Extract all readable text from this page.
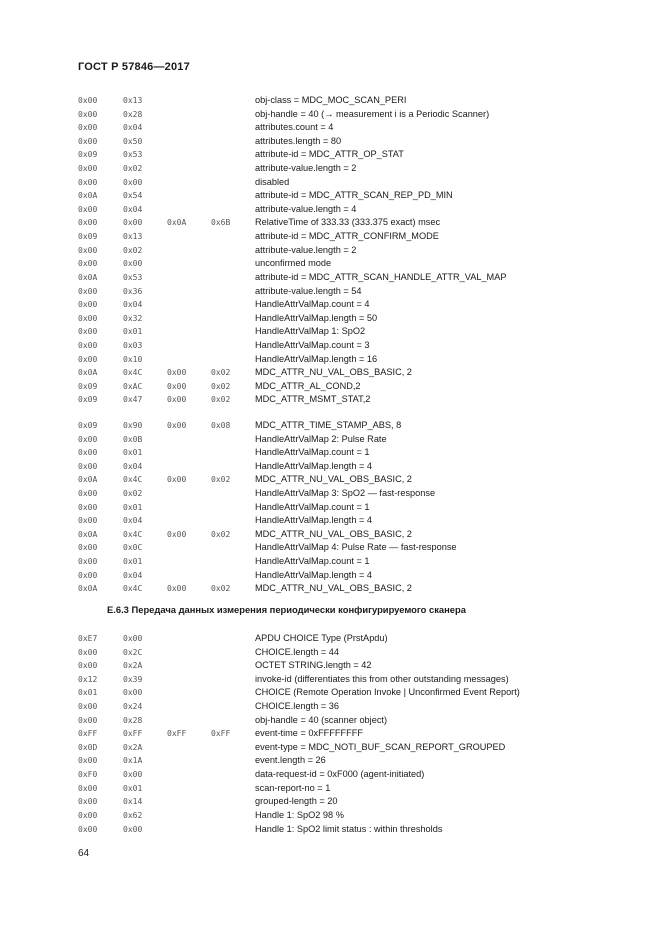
ГОСТ Р 57846—2017
0x00	0x13	obj-class = MDC_MOC_SCAN_PERI
0x00	0x28	obj-handle = 40 (→ measurement i is a Periodic Scanner)
0x00	0x04	attributes.count = 4
0x00	0x50	attributes.length = 80
0x09	0x53	attribute-id = MDC_ATTR_OP_STAT
0x00	0x02	attribute-value.length = 2
0x00	0x00	disabled
0x0A	0x54	attribute-id = MDC_ATTR_SCAN_REP_PD_MIN
0x00	0x04	attribute-value.length = 4
0x00	0x00	0x0A	0x6B	RelativeTime of 333.33 (333.375 exact) msec
0x09	0x13	attribute-id = MDC_ATTR_CONFIRM_MODE
0x00	0x02	attribute-value.length = 2
0x00	0x00	unconfirmed mode
0x0A	0x53	attribute-id = MDC_ATTR_SCAN_HANDLE_ATTR_VAL_MAP
0x00	0x36	attribute-value.length = 54
0x00	0x04	HandleAttrValMap.count = 4
0x00	0x32	HandleAttrValMap.length = 50
0x00	0x01	HandleAttrValMap 1: SpO2
0x00	0x03	HandleAttrValMap.count = 3
0x00	0x10	HandleAttrValMap.length = 16
0x0A	0x4C	0x00	0x02	MDC_ATTR_NU_VAL_OBS_BASIC, 2
0x09	0xAC	0x00	0x02	MDC_ATTR_AL_COND,2
0x09	0x47	0x00	0x02	MDC_ATTR_MSMT_STAT,2
0x09	0x90	0x00	0x08	MDC_ATTR_TIME_STAMP_ABS, 8
0x00	0x0B	HandleAttrValMap 2: Pulse Rate
0x00	0x01	HandleAttrValMap.count = 1
0x00	0x04	HandleAttrValMap.length = 4
0x0A	0x4C	0x00	0x02	MDC_ATTR_NU_VAL_OBS_BASIC, 2
0x00	0x02	HandleAttrValMap 3: SpO2 — fast-response
0x00	0x01	HandleAttrValMap.count = 1
0x00	0x04	HandleAttrValMap.length = 4
0x0A	0x4C	0x00	0x02	MDC_ATTR_NU_VAL_OBS_BASIC, 2
0x00	0x0C	HandleAttrValMap 4: Pulse Rate — fast-response
0x00	0x01	HandleAttrValMap.count = 1
0x00	0x04	HandleAttrValMap.length = 4
0x0A	0x4C	0x00	0x02	MDC_ATTR_NU_VAL_OBS_BASIC, 2
Е.6.3 Передача данных измерения периодически конфигурируемого сканера
0xE7	0x00	APDU CHOICE Type (PrstApdu)
0x00	0x2C	CHOICE.length = 44
0x00	0x2A	OCTET STRING.length = 42
0x12	0x39	invoke-id (differentiates this from other outstanding messages)
0x01	0x00	CHOICE (Remote Operation Invoke | Unconfirmed Event Report)
0x00	0x24	CHOICE.length = 36
0x00	0x28	obj-handle = 40 (scanner object)
0xFF	0xFF	0xFF	0xFF	event-time = 0xFFFFFFFF
0x0D	0x2A	event-type = MDC_NOTI_BUF_SCAN_REPORT_GROUPED
0x00	0x1A	event.length = 26
0xF0	0x00	data-request-id = 0xF000 (agent-initiated)
0x00	0x01	scan-report-no = 1
0x00	0x14	grouped-length = 20
0x00	0x62	Handle 1: SpO2 98 %
0x00	0x00	Handle 1: SpO2 limit status : within thresholds
64
